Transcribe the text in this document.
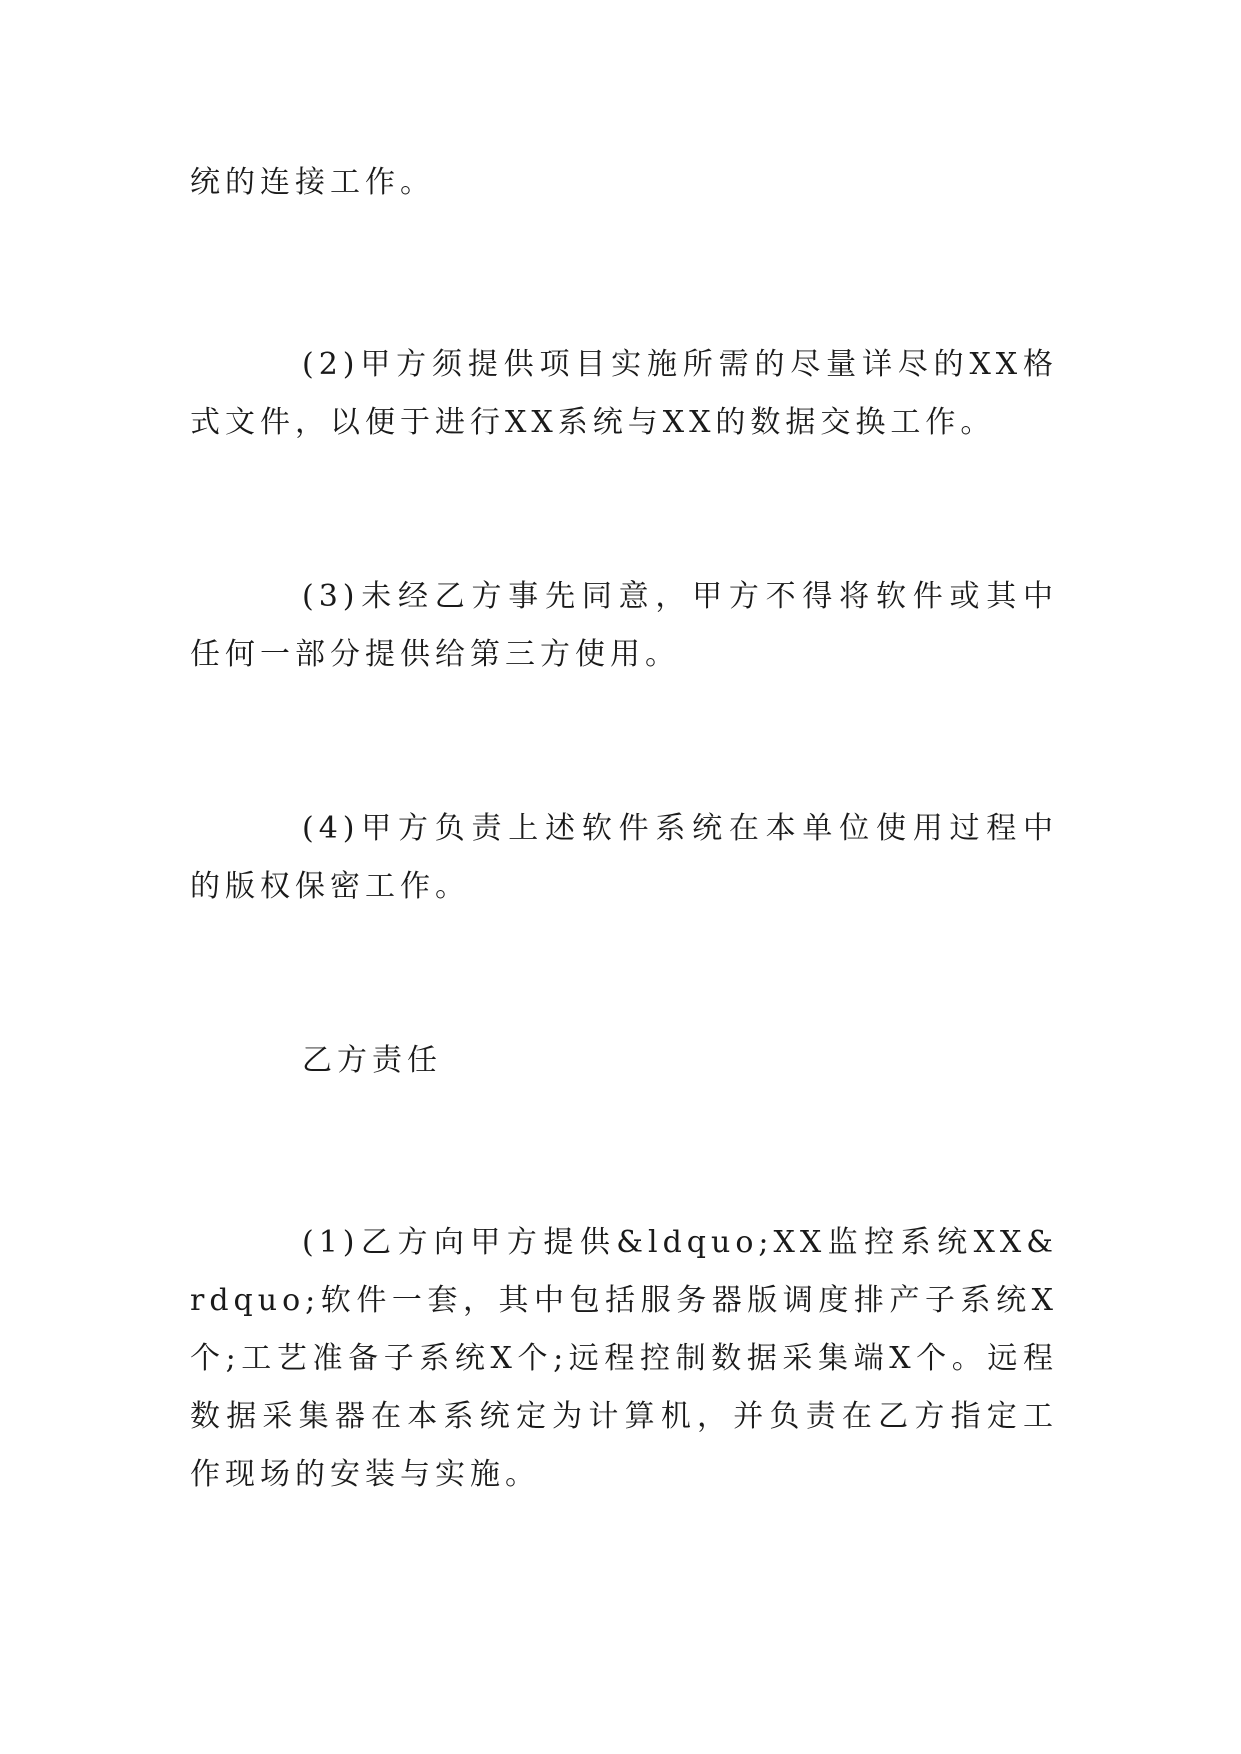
统的连接工作。

(2)甲方须提供项目实施所需的尽量详尽的XX格式文件，以便于进行XX系统与XX的数据交换工作。

(3)未经乙方事先同意，甲方不得将软件或其中任何一部分提供给第三方使用。

(4)甲方负责上述软件系统在本单位使用过程中的版权保密工作。

乙方责任

(1)乙方向甲方提供&ldquo;XX监控系统XX&rdquo;软件一套，其中包括服务器版调度排产子系统X个;工艺准备子系统X个;远程控制数据采集端X个。远程数据采集器在本系统定为计算机，并负责在乙方指定工作现场的安装与实施。
